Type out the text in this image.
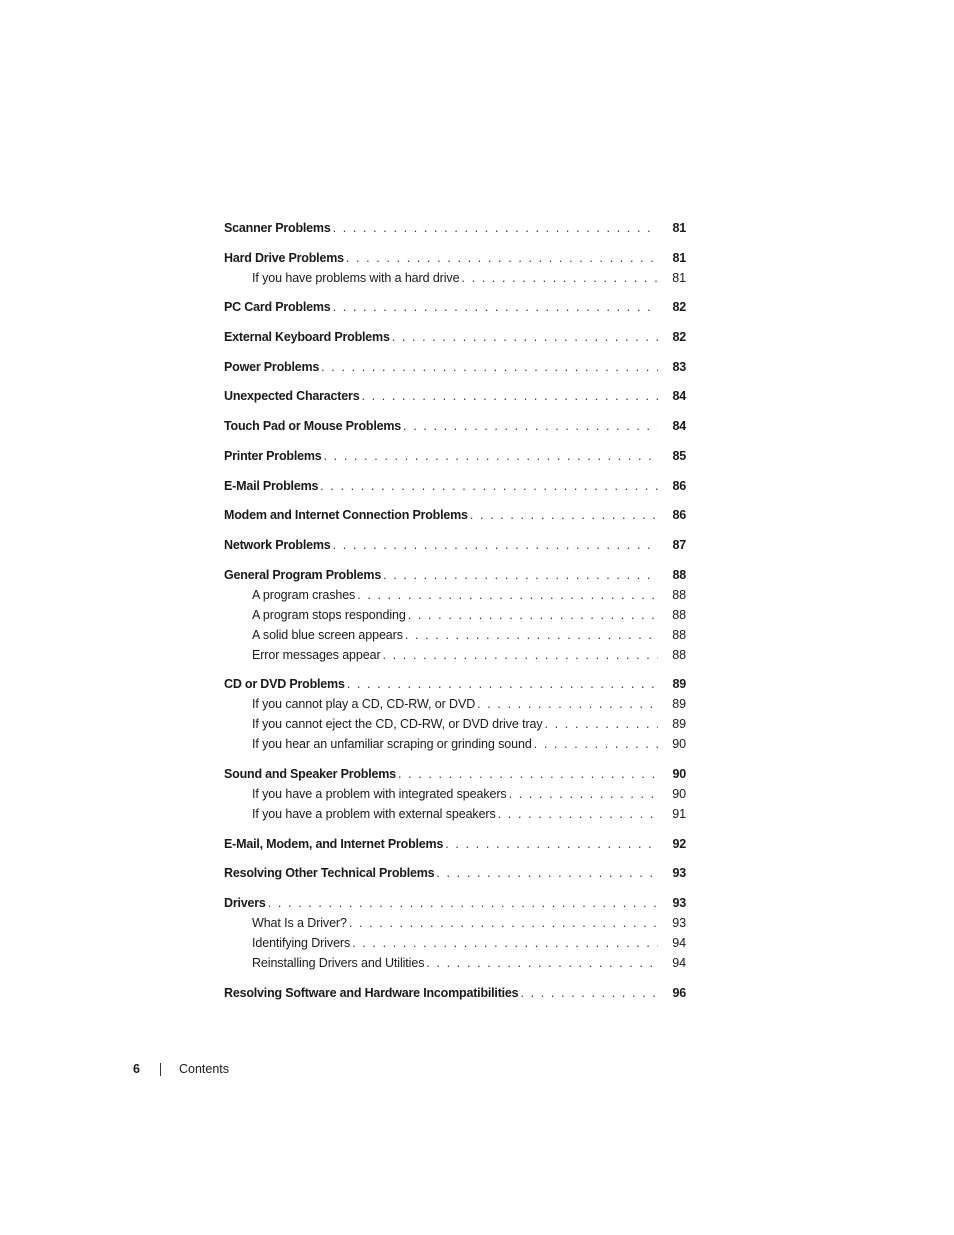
Scanner Problems . . .	81
Hard Drive Problems . . .	81
If you have problems with a hard drive . . .	81
PC Card Problems . . .	82
External Keyboard Problems . . .	82
Power Problems . . .	83
Unexpected Characters . . .	84
Touch Pad or Mouse Problems . . .	84
Printer Problems . . .	85
E-Mail Problems . . .	86
Modem and Internet Connection Problems . . .	86
Network Problems . . .	87
General Program Problems . . .	88
A program crashes . . .	88
A program stops responding . . .	88
A solid blue screen appears . . .	88
Error messages appear . . .	88
CD or DVD Problems . . .	89
If you cannot play a CD, CD-RW, or DVD . . .	89
If you cannot eject the CD, CD-RW, or DVD drive tray . . .	89
If you hear an unfamiliar scraping or grinding sound . . .	90
Sound and Speaker Problems . . .	90
If you have a problem with integrated speakers . . .	90
If you have a problem with external speakers . . .	91
E-Mail, Modem, and Internet Problems . . .	92
Resolving Other Technical Problems . . .	93
Drivers . . .	93
What Is a Driver? . . .	93
Identifying Drivers . . .	94
Reinstalling Drivers and Utilities . . .	94
Resolving Software and Hardware Incompatibilities . . .	96
6	Contents
